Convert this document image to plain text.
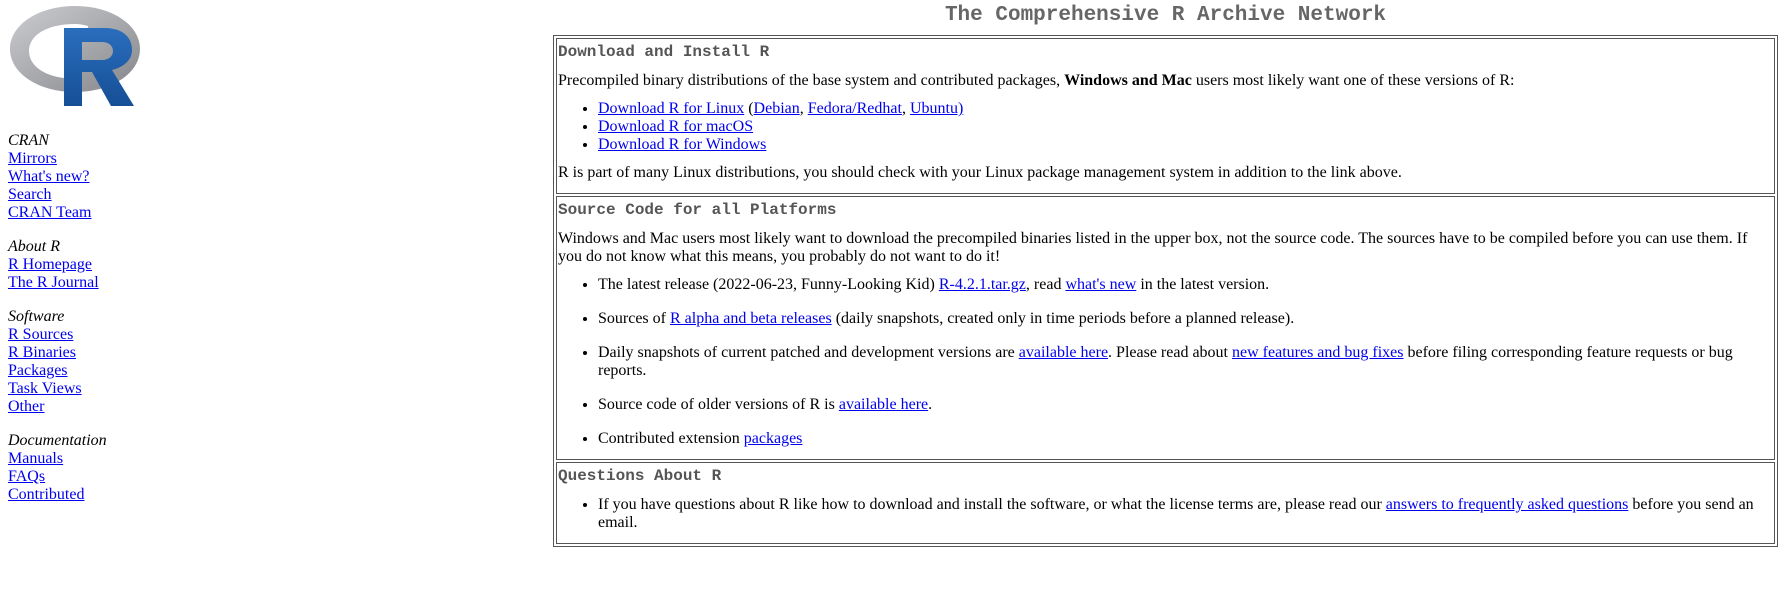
CRAN
Mirrors
What's new?
Search
CRAN Team
About R
R Homepage
The R Journal
Software
R Sources
R Binaries
Packages
Task Views
Other
Documentation
Manuals
FAQs
Contributed
The Comprehensive R Archive Network
Download and Install R

Precompiled binary distributions of the base system and contributed packages, Windows and Mac users most likely want one of these versions of R:

• Download R for Linux (Debian, Fedora/Redhat, Ubuntu)
• Download R for macOS
• Download R for Windows

R is part of many Linux distributions, you should check with your Linux package management system in addition to the link above.

Source Code for all Platforms

Windows and Mac users most likely want to download the precompiled binaries listed in the upper box, not the source code. The sources have to be compiled before you can use them. If you do not know what this means, you probably do not want to do it!

• The latest release (2022-06-23, Funny-Looking Kid) R-4.2.1.tar.gz, read what's new in the latest version.
• Sources of R alpha and beta releases (daily snapshots, created only in time periods before a planned release).
• Daily snapshots of current patched and development versions are available here. Please read about new features and bug fixes before filing corresponding feature requests or bug reports.
• Source code of older versions of R is available here.
• Contributed extension packages

Questions About R
• If you have questions about R like how to download and install the software, or what the license terms are, please read our answers to frequently asked questions before you send an email.
